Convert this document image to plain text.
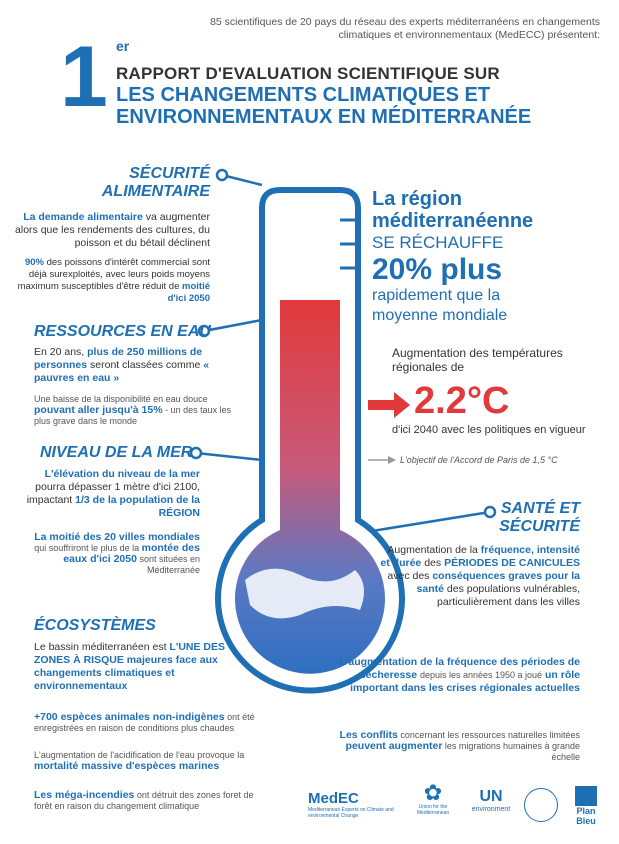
85 scientifiques de 20 pays du réseau des experts méditerranéens en changements climatiques et environnementaux (MedECC) présentent:
1 er
RAPPORT D'EVALUATION SCIENTIFIQUE SUR
LES CHANGEMENTS CLIMATIQUES ET
ENVIRONNEMENTAUX EN MÉDITERRANÉE
SÉCURITÉ
ALIMENTAIRE
La demande alimentaire va augmenter alors que les rendements des cultures, du poisson et du bétail déclinent
90% des poissons d'intérêt commercial sont déjà surexploités, avec leurs poids moyens maximum susceptibles d'être réduit de moitié d'ici 2050
RESSOURCES EN EAU
En 20 ans, plus de 250 millions de personnes seront classées comme « pauvres en eau »
Une baisse de la disponibilité en eau douce pouvant aller jusqu'à 15% - un des taux les plus grave dans le monde
NIVEAU DE LA MER
L'élévation du niveau de la mer pourra dépasser 1 mètre d'ici 2100, impactant 1/3 de la population de la RÉGION
La moitié des 20 villes mondiales qui souffriront le plus de la montée des eaux d'ici 2050 sont situées en Méditerranée
ÉCOSYSTÈMES
Le bassin méditerranéen est L'UNE DES ZONES À RISQUE majeures face aux changements climatiques et environnementaux
+700 espèces animales non-indigènes ont été enregistrées en raison de conditions plus chaudes
L'augmentation de l'acidification de l'eau provoque la mortalité massive d'espèces marines
Les méga-incendies ont détruit des zones foret de forêt en raison du changement climatique
La région
méditerranéenne
SE RÉCHAUFFE
20% plus
rapidement que la
moyenne mondiale
Augmentation des températures régionales de
2.2°C
d'ici 2040 avec les politiques en vigueur
L'objectif de l'Accord de Paris de 1,5 °C
SANTÉ ET
SÉCURITÉ
Augmentation de la fréquence, intensité et durée des PÉRIODES DE CANICULES avec des conséquences graves pour la santé des populations vulnérables, particulièrement dans les villes
L'augmentation de la fréquence des périodes de sécheresse depuis les années 1950 a joué un rôle important dans les crises régionales actuelles
Les conflits concernant les ressources naturelles limitées peuvent augmenter les migrations humaines à grande échelle
MedEC
Mediterranean Experts on Climate and environmental Change
✿
Union for the Mediterranean
UN
environment	Plan
Bleu
